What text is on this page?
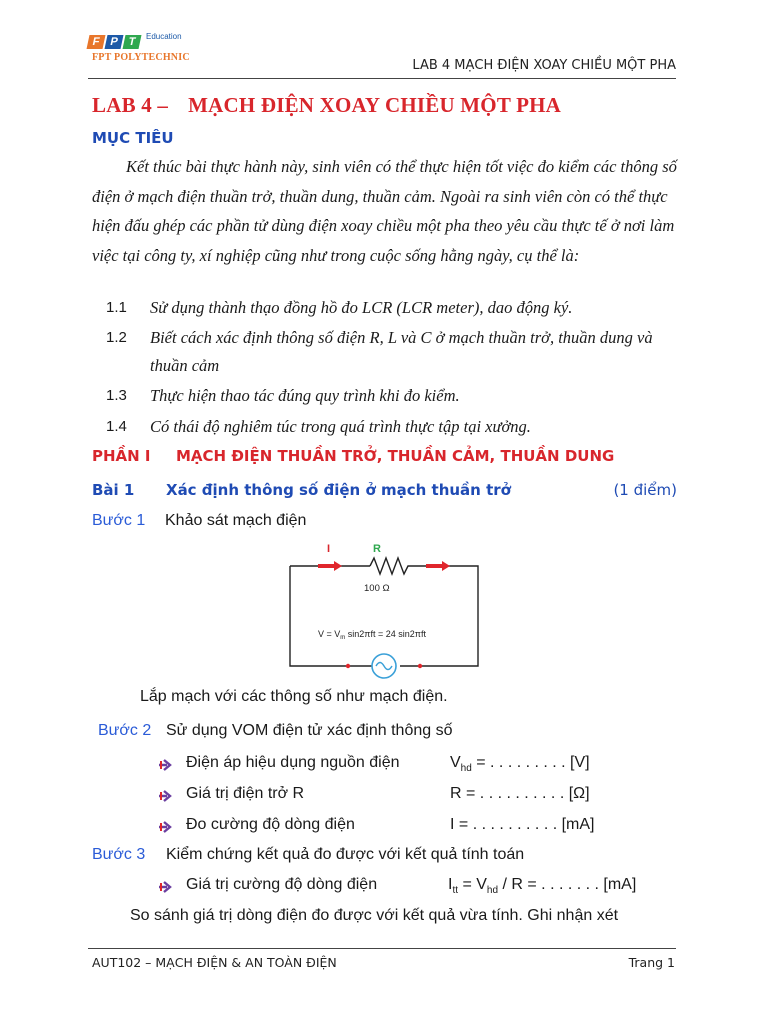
F P T	Education
FPT POLYTECHNIC
LAB 4 MẠCH ĐIỆN XOAY CHIỀU MỘT PHA
LAB 4 – MẠCH ĐIỆN XOAY CHIỀU MỘT PHA
MỤC TIÊU
Kết thúc bài thực hành này, sinh viên có thể thực hiện tốt việc đo kiểm các thông số điện ở mạch điện thuần trở, thuần dung, thuần cảm. Ngoài ra sinh viên còn có thể thực hiện đấu ghép các phần tử dùng điện xoay chiều một pha theo yêu cầu thực tế ở nơi làm việc tại công ty, xí nghiệp cũng như trong cuộc sống hằng ngày, cụ thể là:
1.1 Sử dụng thành thạo đồng hồ đo LCR (LCR meter), dao động ký.
1.2 Biết cách xác định thông số điện R, L và C ở mạch thuần trở, thuần dung và thuần cảm
1.3 Thực hiện thao tác đúng quy trình khi đo kiểm.
1.4 Có thái độ nghiêm túc trong quá trình thực tập tại xưởng.
PHẦN I MẠCH ĐIỆN THUẦN TRỞ, THUẦN CẢM, THUẦN DUNG
Bài 1 Xác định thông số điện ở mạch thuần trở	(1 điểm)
Bước 1 Khảo sát mạch điện
I	R
100 Ω
$V = V_m$ sin2πft = 24 sin2πft
Lắp mạch với các thông số như mạch điện.
Bước 2 Sử dụng VOM điện tử xác định thông số
Điện áp hiệu dụng nguồn điện	$V_{hd}$ = . . . . . . . . . [V]
Giá trị điện trở R	R = . . . . . . . . . . [Ω]
Đo cường độ dòng điện	I = . . . . . . . . . . [mA]
Bước 3 Kiểm chứng kết quả đo được với kết quả tính toán
Giá trị cường độ dòng điện	$I_{tt} = V_{hd} / R$ = . . . . . . . [mA]
So sánh giá trị dòng điện đo được với kết quả vừa tính. Ghi nhận xét
AUT102 – MẠCH ĐIỆN & AN TOÀN ĐIỆN	Trang 1
